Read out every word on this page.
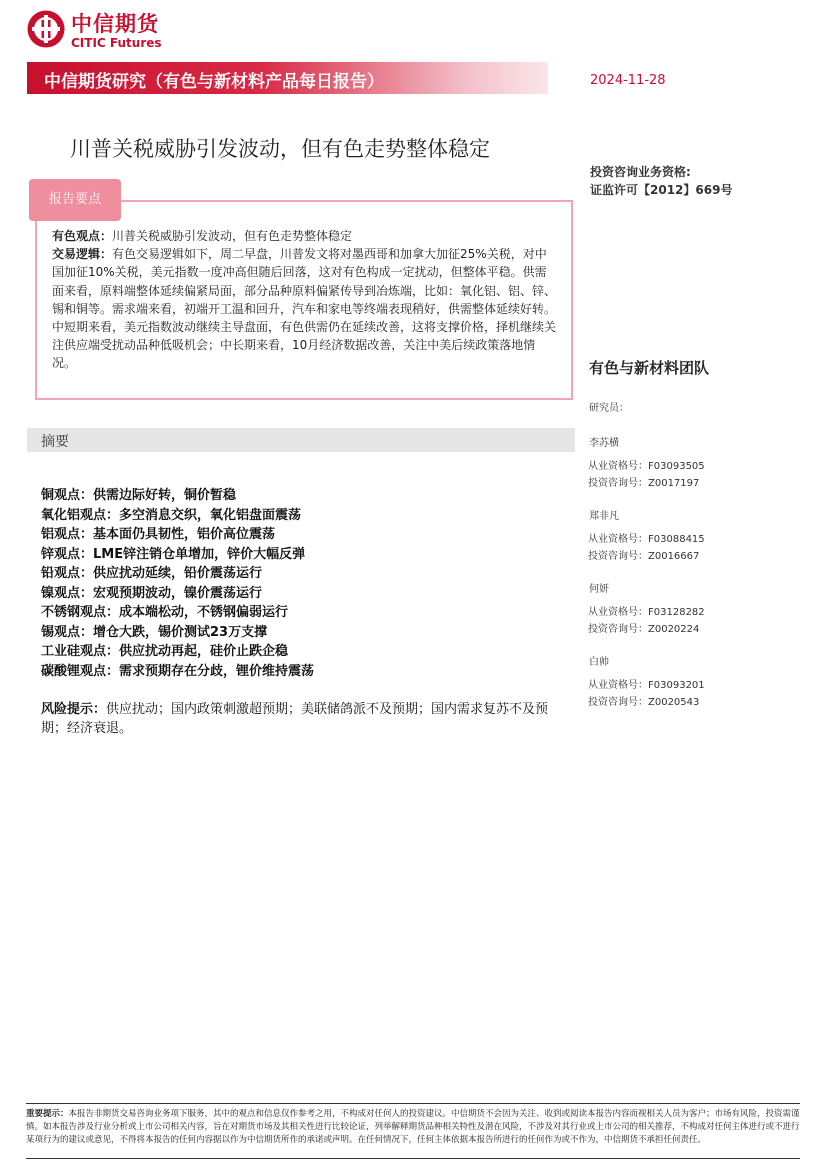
中信期货
CITIC Futures
中信期货研究（有色与新材料产品每日报告）	2024-11-28
川普关税威胁引发波动，但有色走势整体稳定
投资咨询业务资格:
证监许可【2012】669号
报告要点
有色观点：川普关税威胁引发波动，但有色走势整体稳定
交易逻辑：有色交易逻辑如下，周二早盘，川普发文将对墨西哥和加拿大加征25%关税，对中国加征10%关税，美元指数一度冲高但随后回落，这对有色构成一定扰动，但整体平稳。供需面来看，原料端整体延续偏紧局面，部分品种原料偏紧传导到冶炼端，比如：氧化铝、铝、锌、锡和铜等。需求端来看，初端开工温和回升，汽车和家电等终端表现稍好，供需整体延续好转。中短期来看，美元指数波动继续主导盘面，有色供需仍在延续改善，这将支撑价格，择机继续关注供应端受扰动品种低吸机会；中长期来看，10月经济数据改善，关注中美后续政策落地情况。
摘要
铜观点：供需边际好转，铜价暂稳
氧化铝观点：多空消息交织，氧化铝盘面震荡
铝观点：基本面仍具韧性，铝价高位震荡
锌观点：LME锌注销仓单增加，锌价大幅反弹
铅观点：供应扰动延续，铅价震荡运行
镍观点：宏观预期波动，镍价震荡运行
不锈钢观点：成本端松动，不锈钢偏弱运行
锡观点：增仓大跌，锡价测试23万支撑
工业硅观点：供应扰动再起，硅价止跌企稳
碳酸锂观点：需求预期存在分歧，锂价维持震荡
风险提示：供应扰动；国内政策刺激超预期；美联储鸽派不及预期；国内需求复苏不及预期；经济衰退。
有色与新材料团队
研究员：
李苏横
从业资格号：F03093505
投资咨询号：Z0017197
郑非凡
从业资格号：F03088415
投资咨询号：Z0016667
何妍
从业资格号：F03128282
投资咨询号：Z0020224
白帅
从业资格号：F03093201
投资咨询号：Z0020543
重要提示：本报告非期货交易咨询业务项下服务，其中的观点和信息仅作参考之用，不构成对任何人的投资建议。中信期货不会因为关注、收到或阅读本报告内容而视相关人员为客户；市场有风险，投资需谨慎。如本报告涉及行业分析或上市公司相关内容，旨在对期货市场及其相关性进行比较论证，列举解释期货品种相关特性及潜在风险，不涉及对其行业或上市公司的相关推荐，不构成对任何主体进行或不进行某项行为的建议或意见，不得将本报告的任何内容据以作为中信期货所作的承诺或声明。在任何情况下，任何主体依据本报告所进行的任何作为或不作为，中信期货不承担任何责任。
